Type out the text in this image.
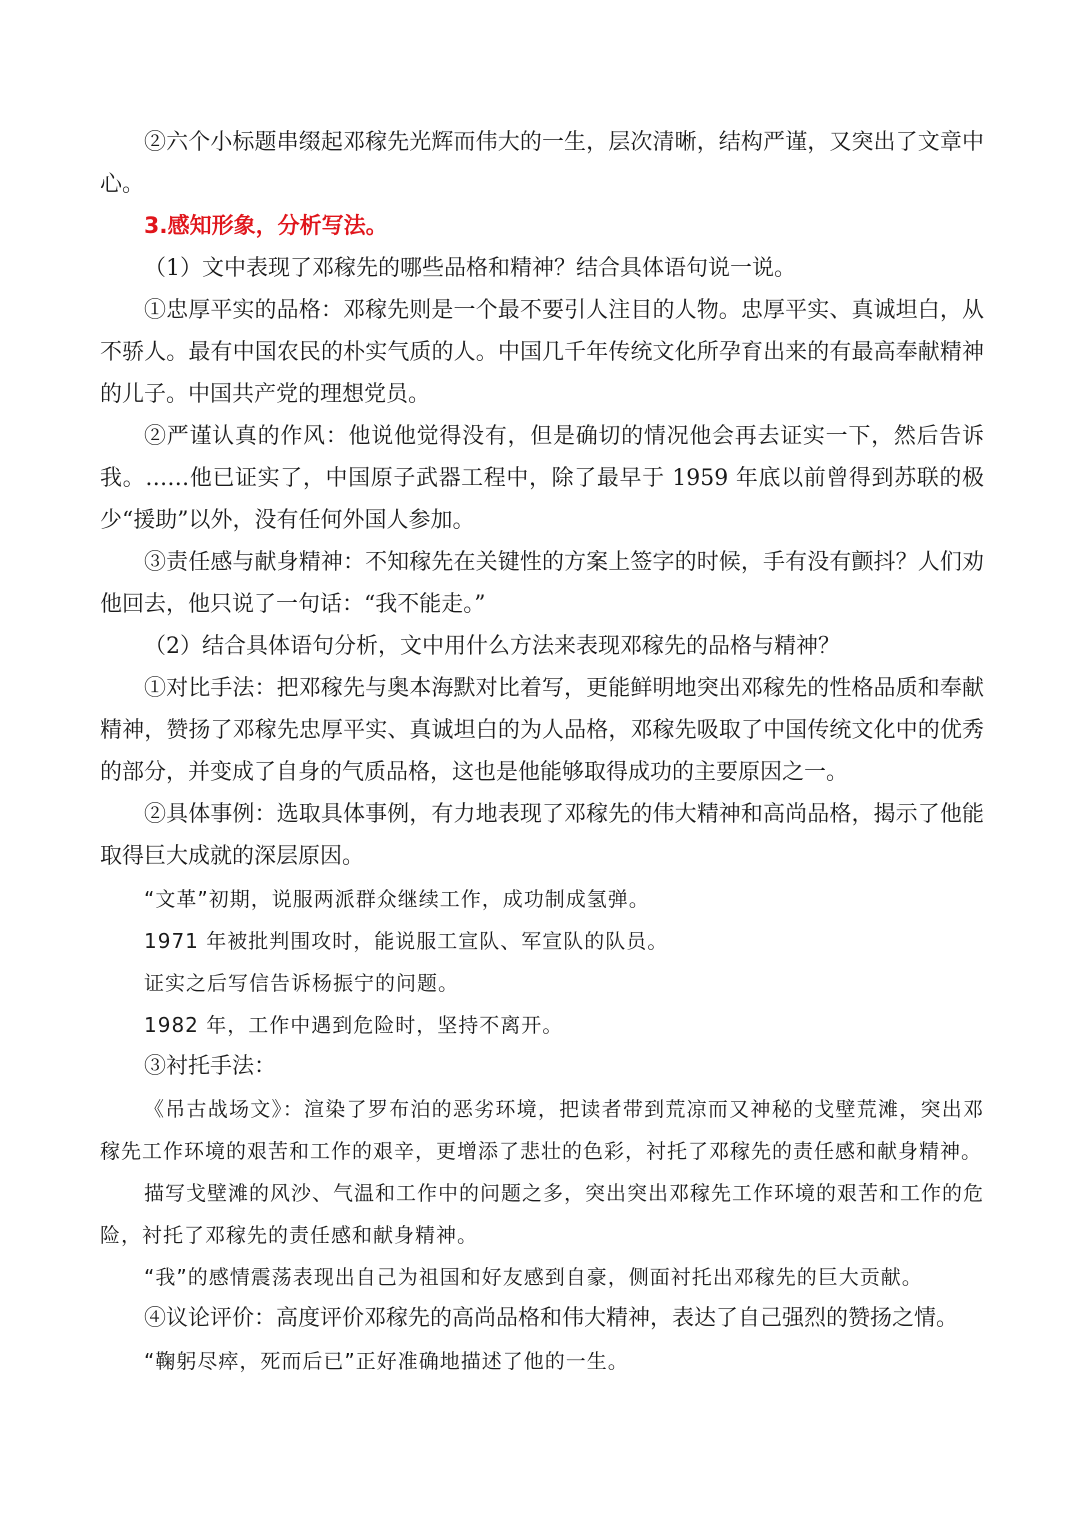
②六个小标题串缀起邓稼先光辉而伟大的一生，层次清晰，结构严谨，又突出了文章中心。

3.感知形象，分析写法。

（1）文中表现了邓稼先的哪些品格和精神？结合具体语句说一说。

①忠厚平实的品格：邓稼先则是一个最不要引人注目的人物。忠厚平实、真诚坦白，从不骄人。最有中国农民的朴实气质的人。中国几千年传统文化所孕育出来的有最高奉献精神的儿子。中国共产党的理想党员。

②严谨认真的作风：他说他觉得没有，但是确切的情况他会再去证实一下，然后告诉我。……他已证实了，中国原子武器工程中，除了最早于 1959 年底以前曾得到苏联的极少“援助”以外，没有任何外国人参加。

③责任感与献身精神：不知稼先在关键性的方案上签字的时候，手有没有颤抖？人们劝他回去，他只说了一句话：“我不能走。”

（2）结合具体语句分析，文中用什么方法来表现邓稼先的品格与精神？

①对比手法：把邓稼先与奥本海默对比着写，更能鲜明地突出邓稼先的性格品质和奉献精神，赞扬了邓稼先忠厚平实、真诚坦白的为人品格，邓稼先吸取了中国传统文化中的优秀的部分，并变成了自身的气质品格，这也是他能够取得成功的主要原因之一。

②具体事例：选取具体事例，有力地表现了邓稼先的伟大精神和高尚品格，揭示了他能取得巨大成就的深层原因。

“文革”初期，说服两派群众继续工作，成功制成氢弹。

1971 年被批判围攻时，能说服工宣队、军宣队的队员。

证实之后写信告诉杨振宁的问题。

1982 年，工作中遇到危险时，坚持不离开。

③衬托手法：

《吊古战场文》：渲染了罗布泊的恶劣环境，把读者带到荒凉而又神秘的戈壁荒滩，突出邓稼先工作环境的艰苦和工作的艰辛，更增添了悲壮的色彩，衬托了邓稼先的责任感和献身精神。

描写戈壁滩的风沙、气温和工作中的问题之多，突出突出邓稼先工作环境的艰苦和工作的危险，衬托了邓稼先的责任感和献身精神。

“我”的感情震荡表现出自己为祖国和好友感到自豪，侧面衬托出邓稼先的巨大贡献。

④议论评价：高度评价邓稼先的高尚品格和伟大精神，表达了自己强烈的赞扬之情。

“鞠躬尽瘁，死而后已”正好准确地描述了他的一生。
